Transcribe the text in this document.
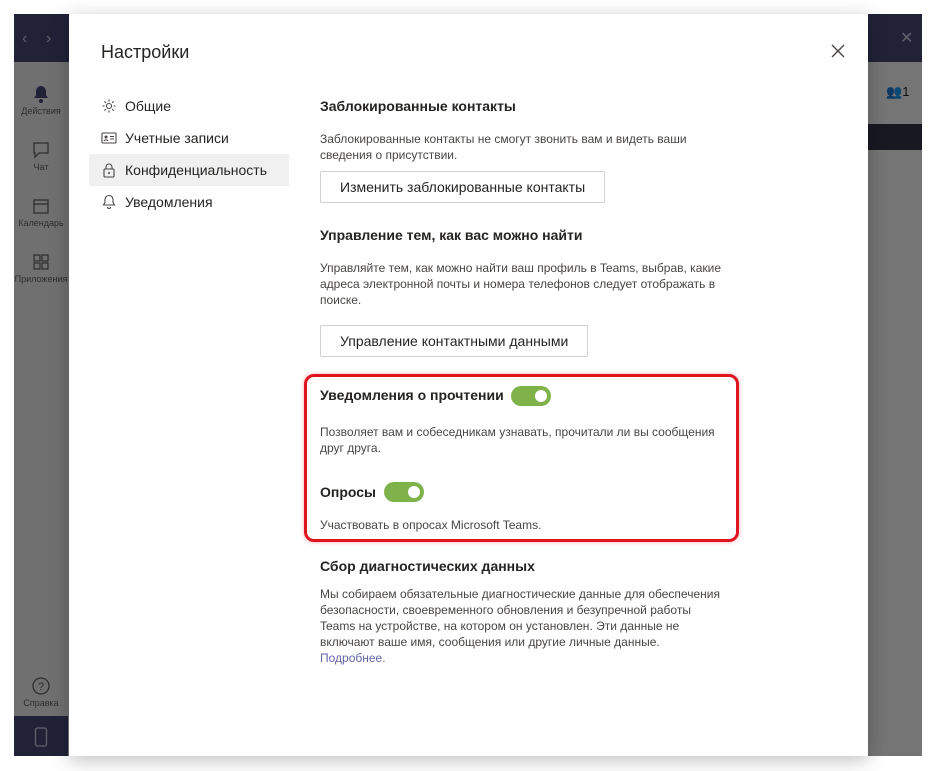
Настройки
Общие
Учетные записи
Конфиденциальность
Уведомления
Заблокированные контакты
Заблокированные контакты не смогут звонить вам и видеть ваши сведения о присутствии.
Изменить заблокированные контакты
Управление тем, как вас можно найти
Управляйте тем, как можно найти ваш профиль в Teams, выбрав, какие адреса электронной почты и номера телефонов следует отображать в поиске.
Управление контактными данными
Уведомления о прочтении
Позволяет вам и собеседникам узнавать, прочитали ли вы сообщения друг друга.
Опросы
Участвовать в опросах Microsoft Teams.
Сбор диагностических данных
Мы собираем обязательные диагностические данные для обеспечения безопасности, своевременного обновления и безупречной работы Teams на устройстве, на котором он установлен. Эти данные не включают ваше имя, сообщения или другие личные данные. Подробнее.
